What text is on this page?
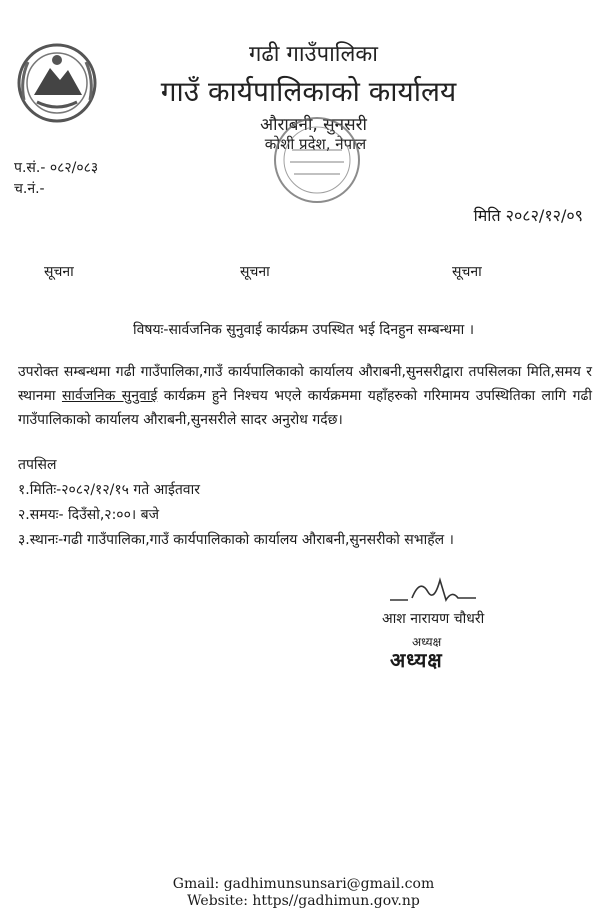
गढी गाउँपालिका
गाउँ कार्यपालिकाको कार्यालय
औराबनी, सुनसरी
कोशी प्रदेश, नेपाल
प.सं.- ०८२/०८३
च.नं.-
मिति २०८२/१२/०९
सूचना	सूचना	सूचना
विषयः-सार्वजनिक सुनुवाई कार्यक्रम उपस्थित भई दिनहुन सम्बन्धमा ।
उपरोक्त सम्बन्धमा गढी गाउँपालिका,गाउँ कार्यपालिकाको कार्यालय औराबनी,सुनसरीद्वारा तपसिलका मिति,समय र स्थानमा सार्वजनिक सुनुवाई कार्यक्रम हुने निश्चय भएले कार्यक्रममा यहाँहरुको गरिमामय उपस्थितिका लागि गढी गाउँपालिकाको कार्यालय औराबनी,सुनसरीले सादर अनुरोध गर्दछ।
तपसिल
१.मितिः-२०८२/१२/१५ गते आईतवार
२.समयः- दिउँसो,२:००। बजे
३.स्थानः-गढी गाउँपालिका,गाउँ कार्यपालिकाको कार्यालय औराबनी,सुनसरीको सभाहँल ।
आश नारायण चौधरी
अध्यक्ष
अध्यक्ष
Gmail: gadhimunsunsari@gmail.com
Website: https//gadhimun.gov.np
